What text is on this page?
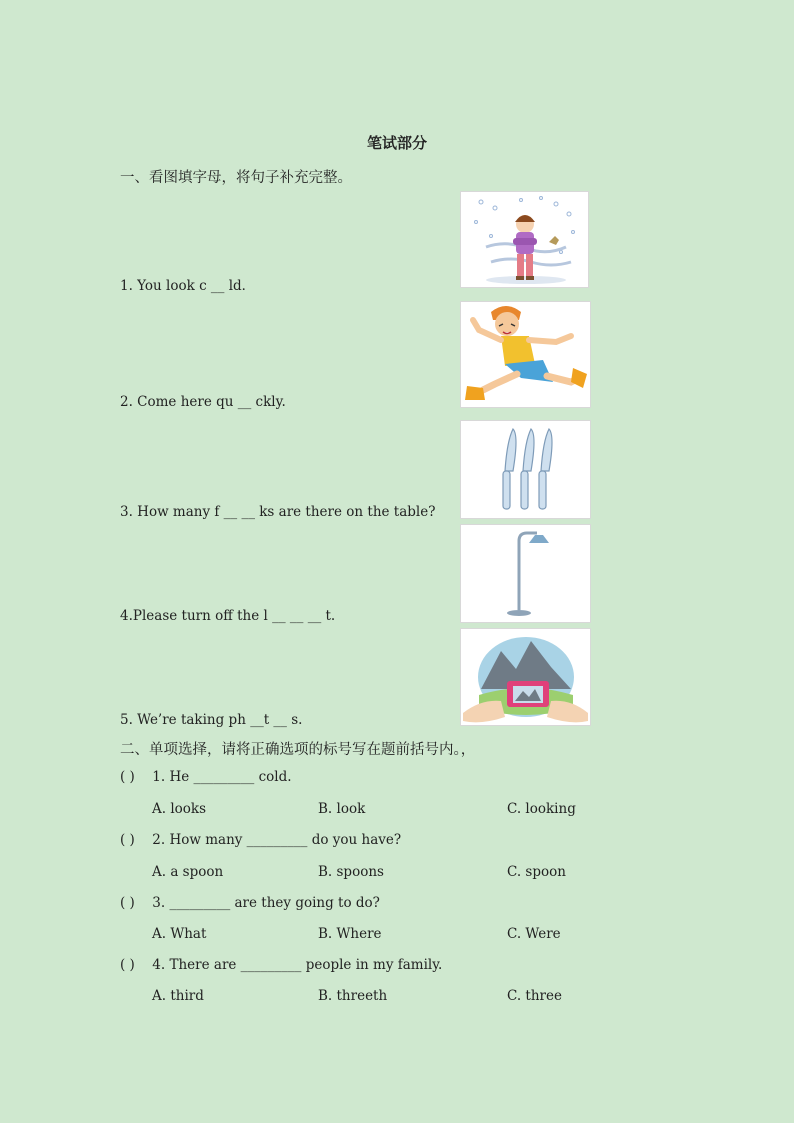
笔试部分
一、看图填字母，将句子补充完整。
1. You look c __ ld．
2. Come here qu __ ckly.
3. How many f __ __ ks are there on the table?
4.Please turn off the l __ __ __ t.
5. We’re taking ph __t __ s.
二、单项选择，请将正确选项的标号写在题前括号内。，
( ) 1. He _________ cold.
A. looks	B. look	C. looking
( ) 2. How many _________ do you have?
A. a spoon	B. spoons	C. spoon
( ) 3. _________ are they going to do?
A. What	B. Where	C. Were
( ) 4. There are _________ people in my family.
A. third	B. threeth	C. three
